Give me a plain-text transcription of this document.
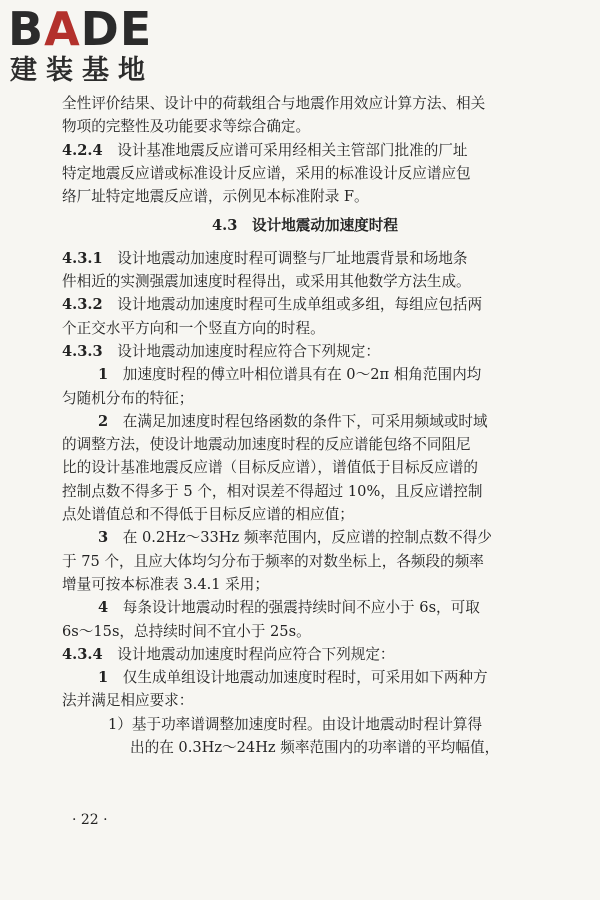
BADE
建装基地
全性评价结果、设计中的荷载组合与地震作用效应计算方法、相关
物项的完整性及功能要求等综合确定。
4.2.4　 设计基准地震反应谱可采用经相关主管部门批准的厂址
特定地震反应谱或标准设计反应谱，采用的标准设计反应谱应包
络厂址特定地震反应谱，示例见本标准附录 F。
4.3　设计地震动加速度时程
4.3.1　 设计地震动加速度时程可调整与厂址地震背景和场地条
件相近的实测强震加速度时程得出，或采用其他数学方法生成。
4.3.2　 设计地震动加速度时程可生成单组或多组，每组应包括两
个正交水平方向和一个竖直方向的时程。
4.3.3　 设计地震动加速度时程应符合下列规定：
1　 加速度时程的傅立叶相位谱具有在 0～2π 相角范围内均
匀随机分布的特征；
2　 在满足加速度时程包络函数的条件下，可采用频域或时域
的调整方法，使设计地震动加速度时程的反应谱能包络不同阻尼
比的设计基准地震反应谱（目标反应谱），谱值低于目标反应谱的
控制点数不得多于 5 个，相对误差不得超过 10%，且反应谱控制
点处谱值总和不得低于目标反应谱的相应值；
3　 在 0.2Hz～33Hz 频率范围内，反应谱的控制点数不得少
于 75 个，且应大体均匀分布于频率的对数坐标上，各频段的频率
增量可按本标准表 3.4.1 采用；
4　 每条设计地震动时程的强震持续时间不应小于 6s，可取
6s～15s，总持续时间不宜小于 25s。
4.3.4　 设计地震动加速度时程尚应符合下列规定：
1　 仅生成单组设计地震动加速度时程时，可采用如下两种方
法并满足相应要求：
1）基于功率谱调整加速度时程。由设计地震动时程计算得
出的在 0.3Hz～24Hz 频率范围内的功率谱的平均幅值，
· 22 ·
